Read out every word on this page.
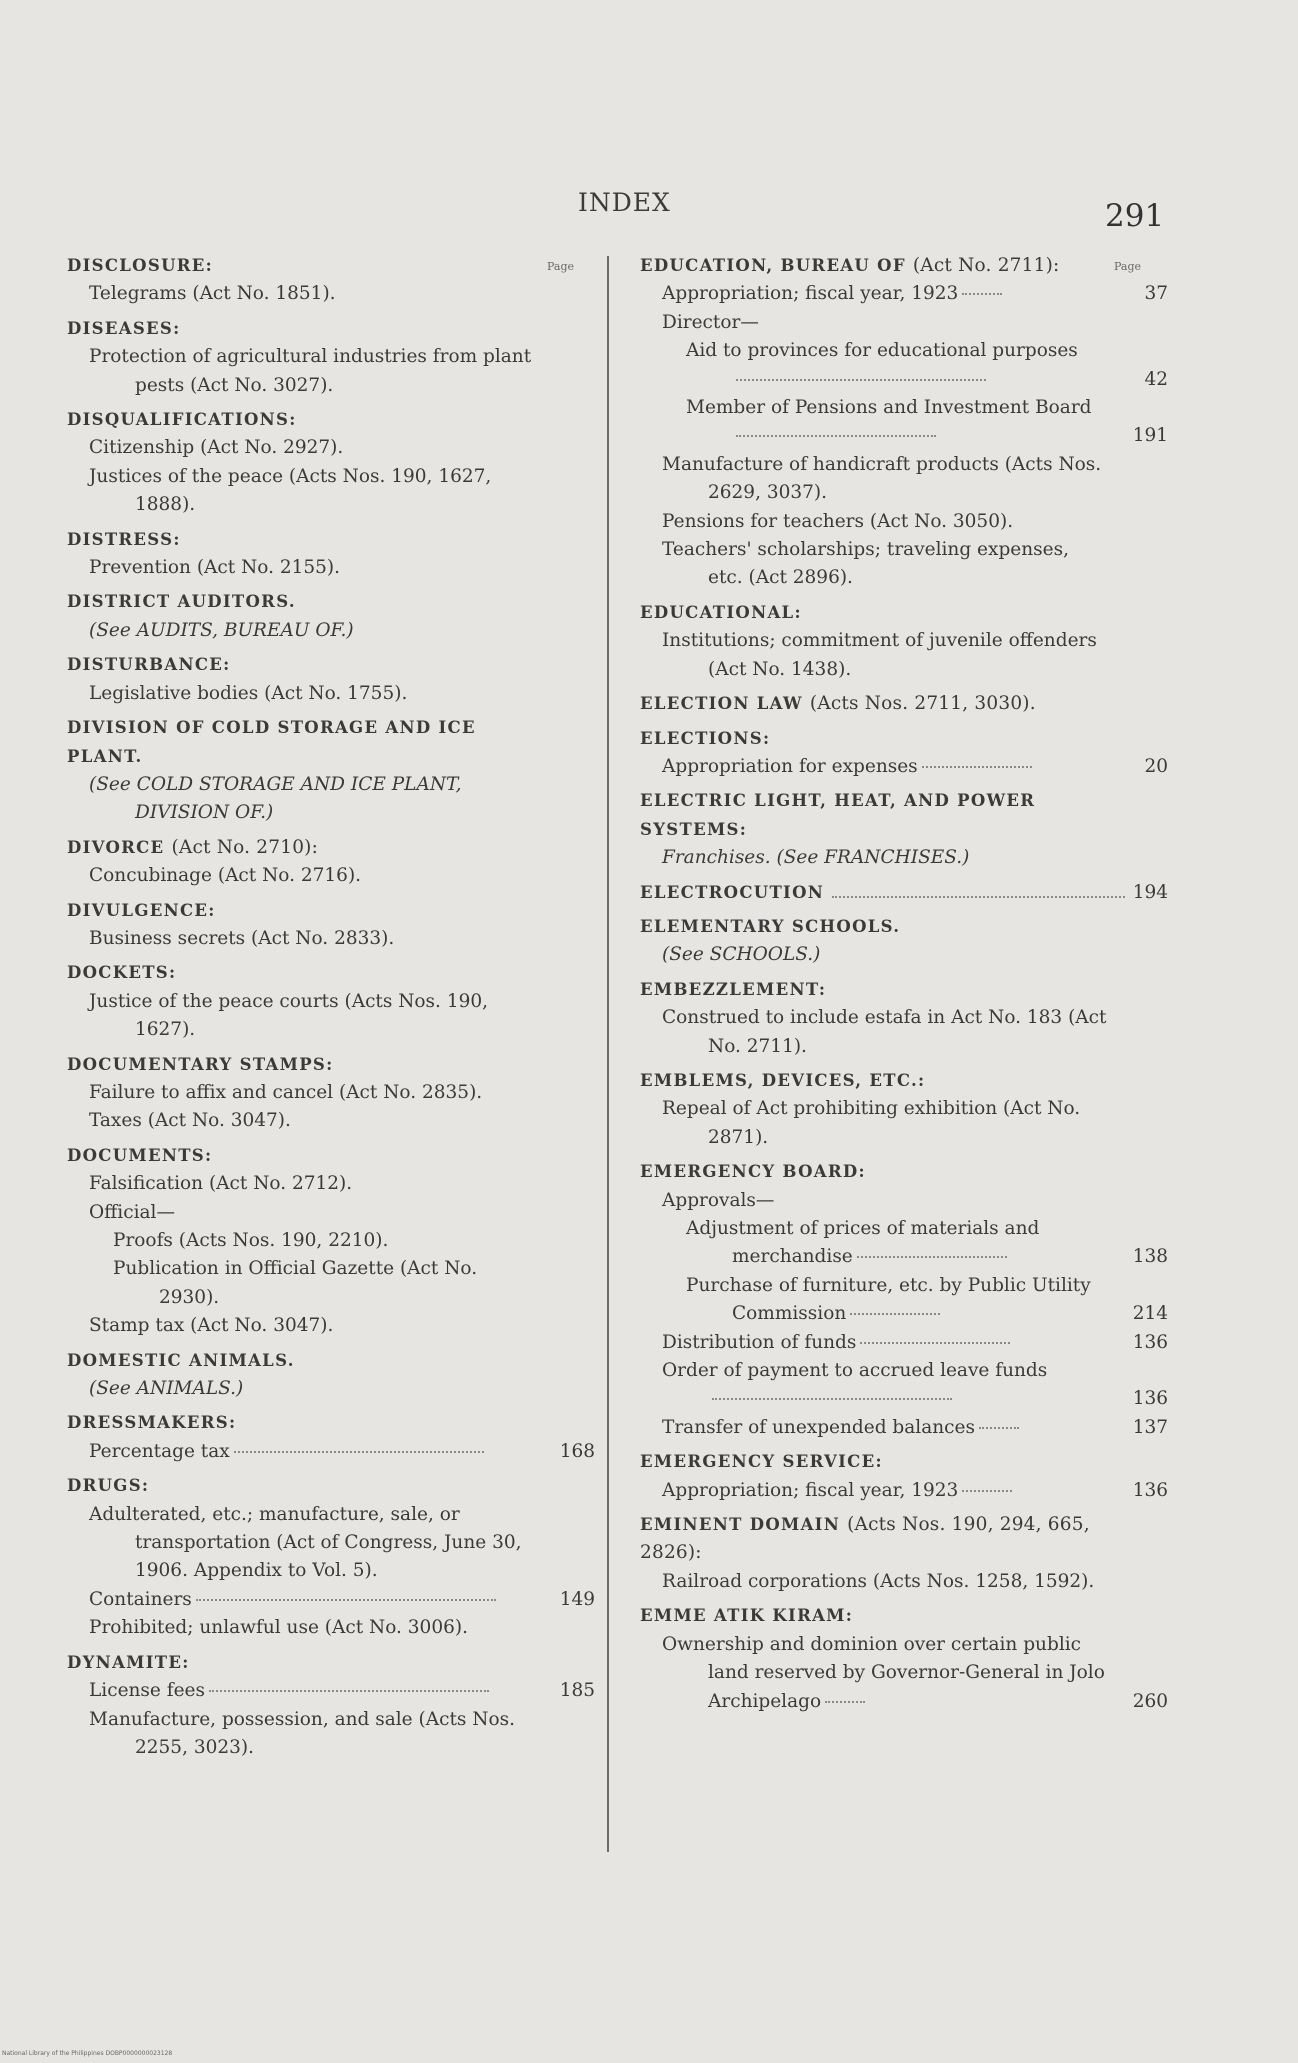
INDEX	291
Page
DISCLOSURE:
Telegrams (Act No. 1851).
DISEASES:
Protection of agricultural industries from plant pests (Act No. 3027).
DISQUALIFICATIONS:
Citizenship (Act No. 2927).
Justices of the peace (Acts Nos. 190, 1627, 1888).
DISTRESS:
Prevention (Act No. 2155).
DISTRICT AUDITORS.
(See AUDITS, BUREAU OF.)
DISTURBANCE:
Legislative bodies (Act No. 1755).
DIVISION OF COLD STORAGE AND ICE PLANT.
(See COLD STORAGE AND ICE PLANT, DIVISION OF.)
DIVORCE (Act No. 2710):
Concubinage (Act No. 2716).
DIVULGENCE:
Business secrets (Act No. 2833).
DOCKETS:
Justice of the peace courts (Acts Nos. 190, 1627).
DOCUMENTARY STAMPS:
Failure to affix and cancel (Act No. 2835).
Taxes (Act No. 3047).
DOCUMENTS:
Falsification (Act No. 2712).
Official—
Proofs (Acts Nos. 190, 2210).
Publication in Official Gazette (Act No. 2930).
Stamp tax (Act No. 3047).
DOMESTIC ANIMALS.
(See ANIMALS.)
DRESSMAKERS:
Percentage tax	168
DRUGS:
Adulterated, etc.; manufacture, sale, or transportation (Act of Congress, June 30, 1906. Appendix to Vol. 5).
Containers	149
Prohibited; unlawful use (Act No. 3006).
DYNAMITE:
License fees	185
Manufacture, possession, and sale (Acts Nos. 2255, 3023).
Page
EDUCATION, BUREAU OF (Act No. 2711):
Appropriation; fiscal year, 1923	37
Director—
Aid to provinces for educational purposes
42
Member of Pensions and Investment Board
191
Manufacture of handicraft products (Acts Nos. 2629, 3037).
Pensions for teachers (Act No. 3050).
Teachers' scholarships; traveling expenses, etc. (Act 2896).
EDUCATIONAL:
Institutions; commitment of juvenile offenders (Act No. 1438).
ELECTION LAW (Acts Nos. 2711, 3030).
ELECTIONS:
Appropriation for expenses	20
ELECTRIC LIGHT, HEAT, AND POWER SYSTEMS:
Franchises. (See FRANCHISES.)
ELECTROCUTION	194
ELEMENTARY SCHOOLS.
(See SCHOOLS.)
EMBEZZLEMENT:
Construed to include estafa in Act No. 183 (Act No. 2711).
EMBLEMS, DEVICES, ETC.:
Repeal of Act prohibiting exhibition (Act No. 2871).
EMERGENCY BOARD:
Approvals—
Adjustment of prices of materials and merchandise	138
Purchase of furniture, etc. by Public Utility Commission	214
Distribution of funds	136
Order of payment to accrued leave funds
136
Transfer of unexpended balances	137
EMERGENCY SERVICE:
Appropriation; fiscal year, 1923	136
EMINENT DOMAIN (Acts Nos. 190, 294, 665, 2826):
Railroad corporations (Acts Nos. 1258, 1592).
EMME ATIK KIRAM:
Ownership and dominion over certain public land reserved by Governor-General in Jolo Archipelago	260
National Library of the Philippines DOBP0000000023128
